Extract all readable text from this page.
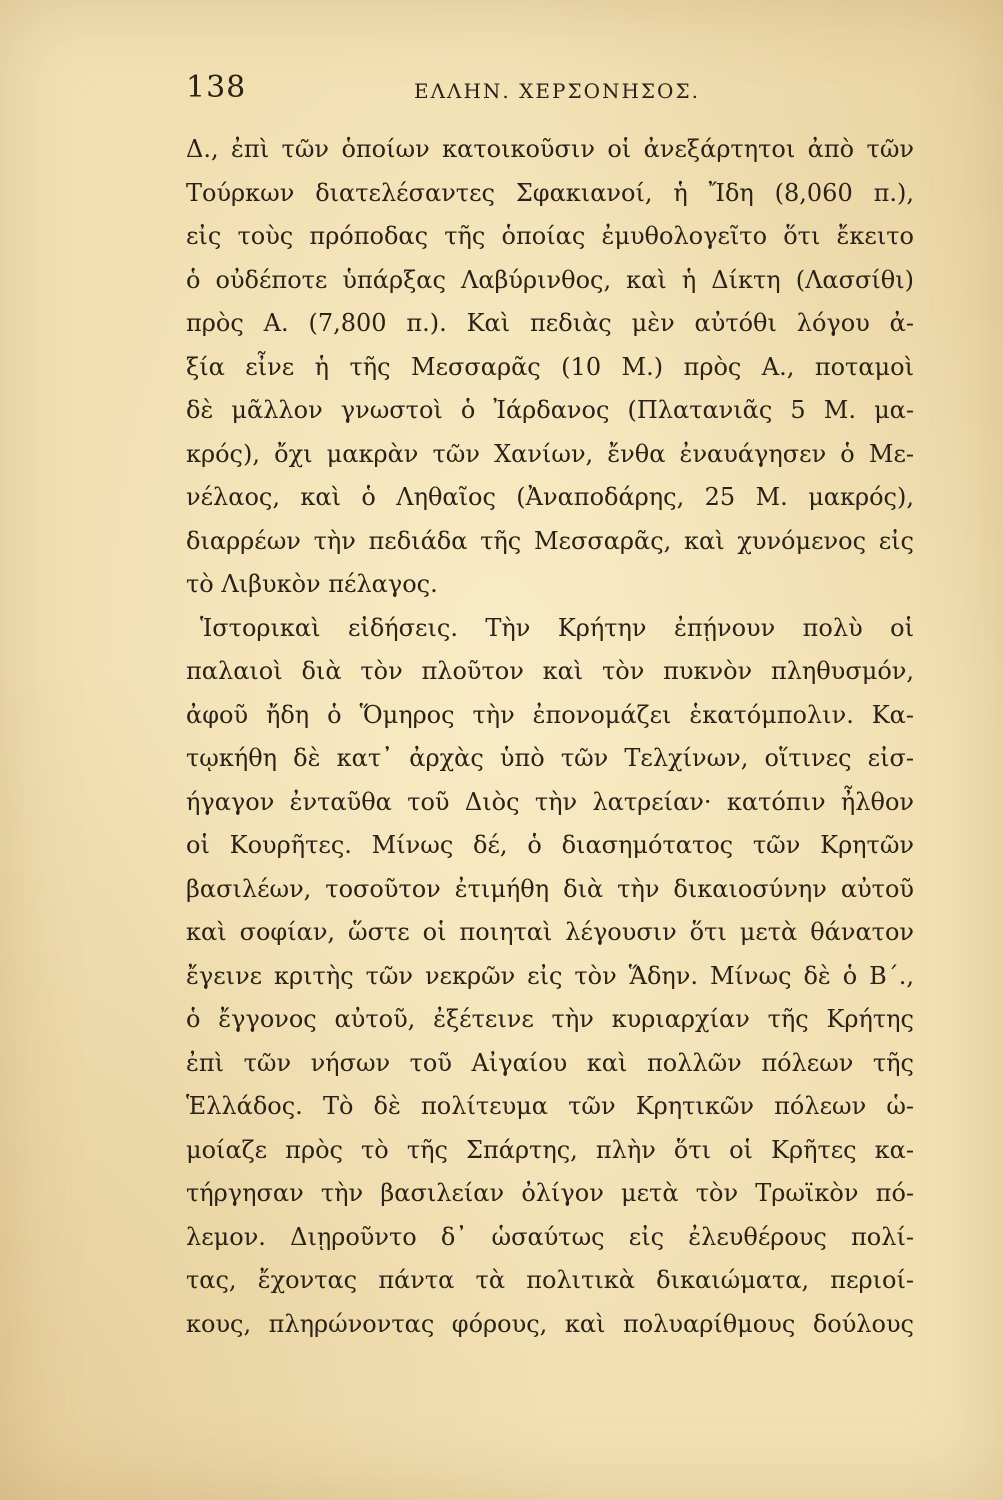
138	ΕΛΛΗΝ. ΧΕΡΣΟΝΗΣΟΣ.
Δ., ἐπὶ τῶν ὁποίων κατοικοῦσιν οἱ ἀνεξάρτητοι ἀπὸ τῶν
Τούρκων διατελέσαντες Σφακιανοί, ἡ Ἴδη (8,060 π.),
εἰς τοὺς πρόποδας τῆς ὁποίας ἐμυθολογεῖτο ὅτι ἔκειτο
ὁ οὐδέποτε ὑπάρξας Λαβύρινθος, καὶ ἡ Δίκτη (Λασσίθι)
πρὸς Α. (7,800 π.). Καὶ πεδιὰς μὲν αὐτόθι λόγου ἀ-
ξία εἶνε ἡ τῆς Μεσσαρᾶς (10 Μ.) πρὸς Α., ποταμοὶ
δὲ μᾶλλον γνωστοὶ ὁ Ἰάρδανος (Πλατανιᾶς 5 Μ. μα-
κρός), ὄχι μακρὰν τῶν Χανίων, ἔνθα ἐναυάγησεν ὁ Με-
νέλαος, καὶ ὁ Ληθαῖος (Ἀναποδάρης, 25 Μ. μακρός),
διαρρέων τὴν πεδιάδα τῆς Μεσσαρᾶς, καὶ χυνόμενος εἰς
τὸ Λιβυκὸν πέλαγος.
Ἱστορικαὶ εἰδήσεις. Τὴν Κρήτην ἐπῄνουν πολὺ οἱ
παλαιοὶ διὰ τὸν πλοῦτον καὶ τὸν πυκνὸν πληθυσμόν,
ἀφοῦ ἤδη ὁ Ὅμηρος τὴν ἐπονομάζει ἑκατόμπολιν. Κα-
τῳκήθη δὲ κατ᾽ ἀρχὰς ὑπὸ τῶν Τελχίνων, οἵτινες εἰσ-
ήγαγον ἐνταῦθα τοῦ Διὸς τὴν λατρείαν· κατόπιν ἦλθον
οἱ Κουρῆτες. Μίνως δέ, ὁ διασημότατος τῶν Κρητῶν
βασιλέων, τοσοῦτον ἐτιμήθη διὰ τὴν δικαιοσύνην αὐτοῦ
καὶ σοφίαν, ὥστε οἱ ποιηταὶ λέγουσιν ὅτι μετὰ θάνατον
ἔγεινε κριτὴς τῶν νεκρῶν εἰς τὸν Ἅδην. Μίνως δὲ ὁ Β΄.,
ὁ ἔγγονος αὐτοῦ, ἐξέτεινε τὴν κυριαρχίαν τῆς Κρήτης
ἐπὶ τῶν νήσων τοῦ Αἰγαίου καὶ πολλῶν πόλεων τῆς
Ἑλλάδος. Τὸ δὲ πολίτευμα τῶν Κρητικῶν πόλεων ὡ-
μοίαζε πρὸς τὸ τῆς Σπάρτης, πλὴν ὅτι οἱ Κρῆτες κα-
τήργησαν τὴν βασιλείαν ὀλίγον μετὰ τὸν Τρωϊκὸν πό-
λεμον. Διῃροῦντο δ᾽ ὡσαύτως εἰς ἐλευθέρους πολί-
τας, ἔχοντας πάντα τὰ πολιτικὰ δικαιώματα, περιοί-
κους, πληρώνοντας φόρους, καὶ πολυαρίθμους δούλους
